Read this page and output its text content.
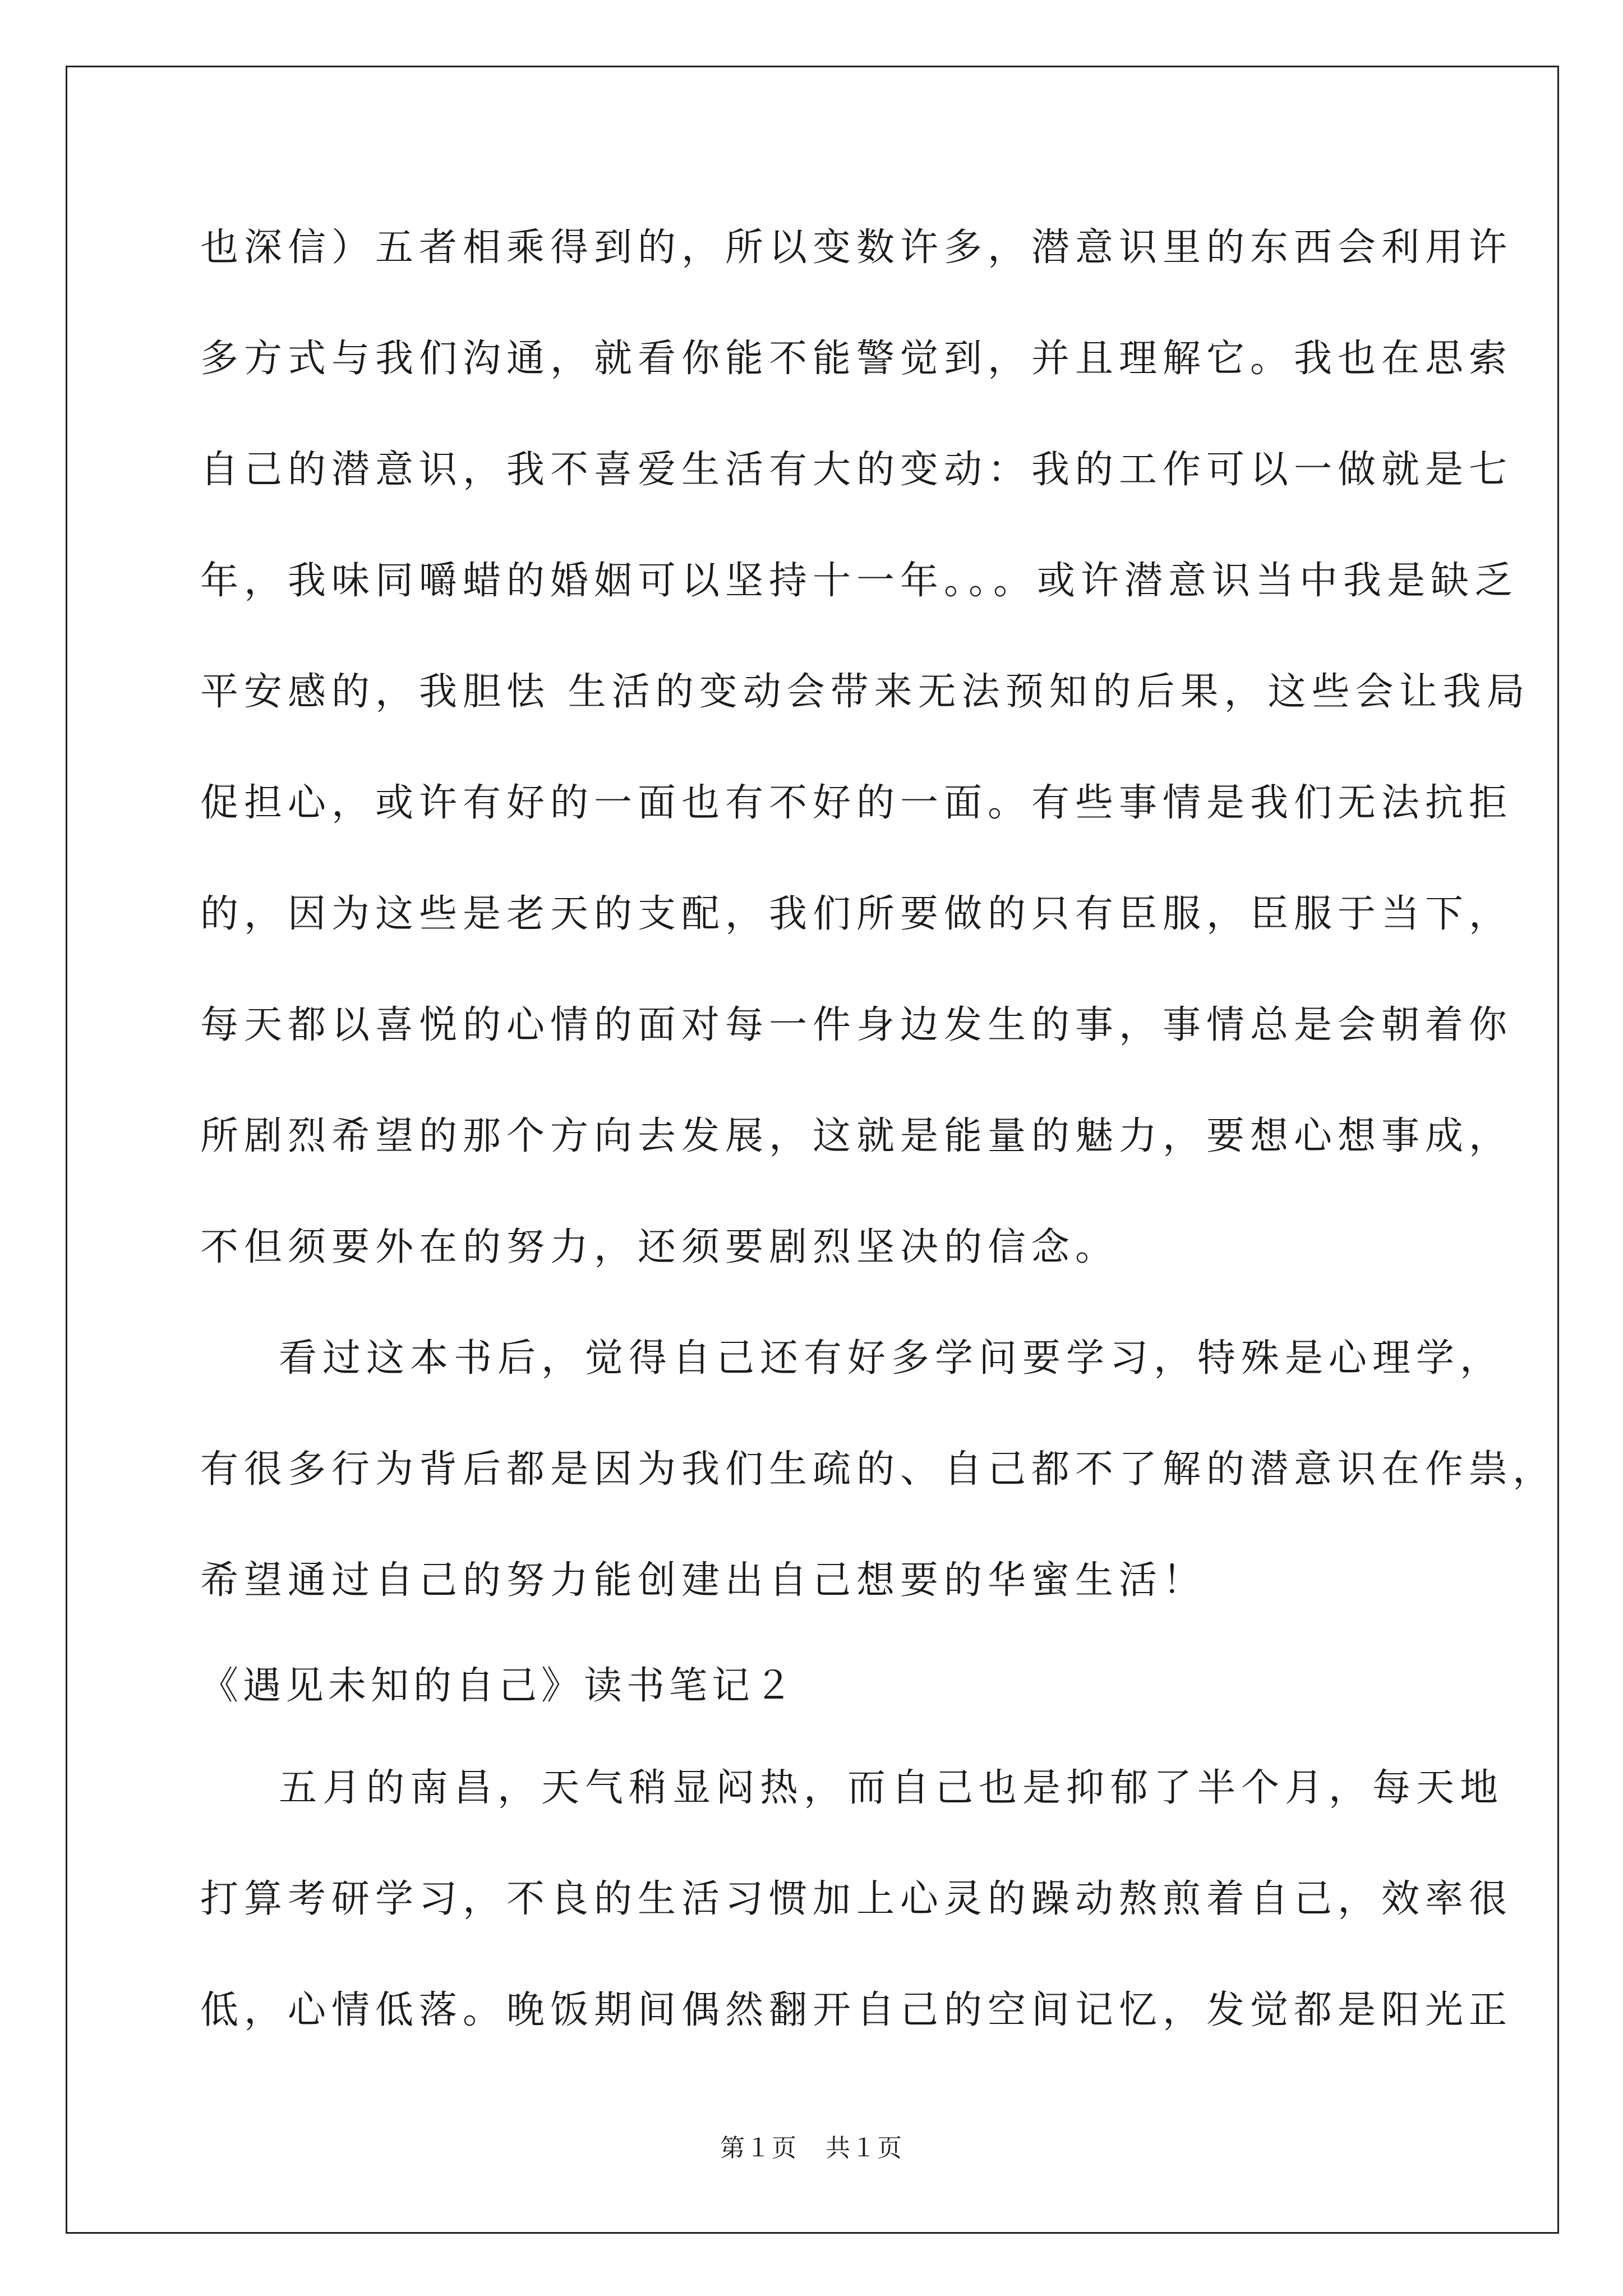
也深信）五者相乘得到的，所以变数许多，潜意识里的东西会利用许
多方式与我们沟通，就看你能不能警觉到，并且理解它。我也在思索
自己的潜意识，我不喜爱生活有大的变动：我的工作可以一做就是七
年，我味同嚼蜡的婚姻可以坚持十一年。。。或许潜意识当中我是缺乏
平安感的，我胆怯 生活的变动会带来无法预知的后果，这些会让我局
促担心，或许有好的一面也有不好的一面。有些事情是我们无法抗拒
的，因为这些是老天的支配，我们所要做的只有臣服，臣服于当下，
每天都以喜悦的心情的面对每一件身边发生的事，事情总是会朝着你
所剧烈希望的那个方向去发展，这就是能量的魅力，要想心想事成，
不但须要外在的努力，还须要剧烈坚决的信念。
看过这本书后，觉得自己还有好多学问要学习，特殊是心理学，
有很多行为背后都是因为我们生疏的、自己都不了解的潜意识在作祟，
希望通过自己的努力能创建出自己想要的华蜜生活！
《遇见未知的自己》读书笔记２
五月的南昌，天气稍显闷热，而自己也是抑郁了半个月，每天地
打算考研学习，不良的生活习惯加上心灵的躁动熬煎着自己，效率很
低，心情低落。晚饭期间偶然翻开自己的空间记忆，发觉都是阳光正
第１页 共１页
